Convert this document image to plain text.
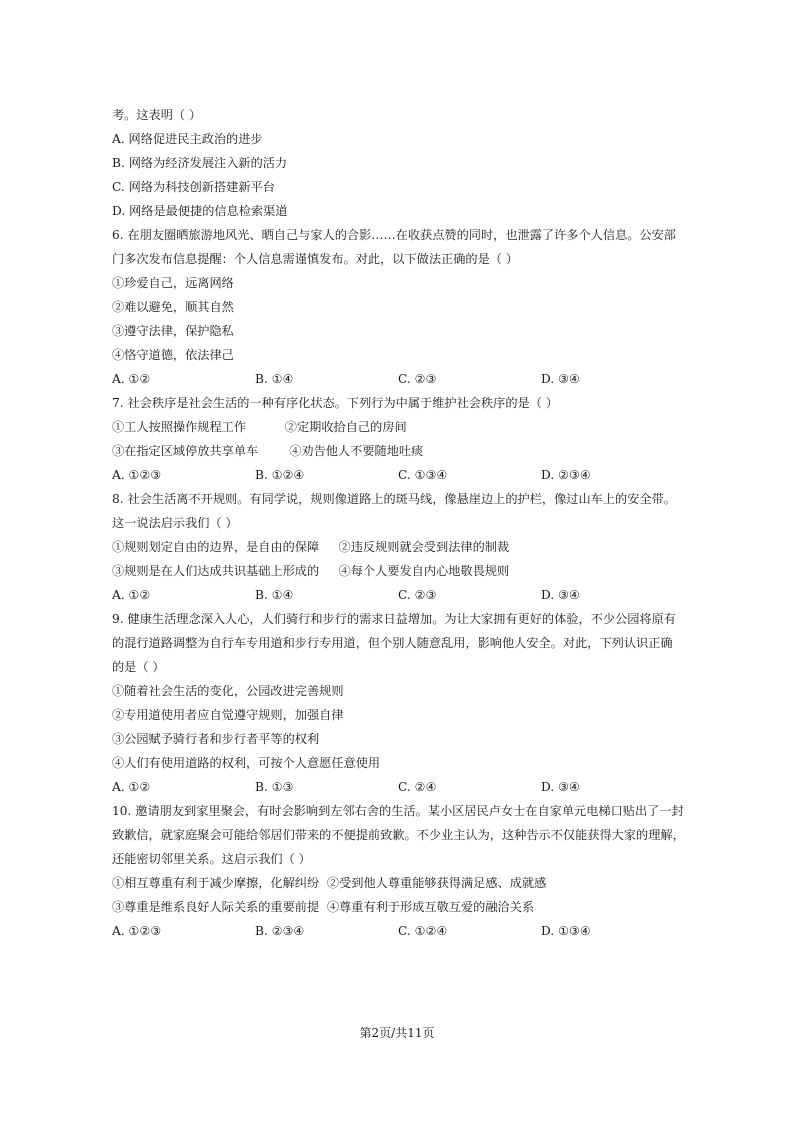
考。这表明（ ）
A. 网络促进民主政治的进步
B. 网络为经济发展注入新的活力
C. 网络为科技创新搭建新平台
D. 网络是最便捷的信息检索渠道
6. 在朋友圈晒旅游地风光、晒自己与家人的合影……在收获点赞的同时，也泄露了许多个人信息。公安部
门多次发布信息提醒：个人信息需谨慎发布。对此，以下做法正确的是（ ）
①珍爱自己，远离网络
②难以避免，顺其自然
③遵守法律，保护隐私
④恪守道德，依法律己
A. ①②	B. ①④	C. ②③	D. ③④
7. 社会秩序是社会生活的一种有序化状态。下列行为中属于维护社会秩序的是（ ）
①工人按照操作规程工作          ②定期收拾自己的房间
③在指定区域停放共享单车        ④劝告他人不要随地吐痰
A. ①②③	B. ①②④	C. ①③④	D. ②③④
8. 社会生活离不开规则。有同学说，规则像道路上的斑马线，像悬崖边上的护栏，像过山车上的安全带。
这一说法启示我们（ ）
①规则划定自由的边界，是自由的保障     ②违反规则就会受到法律的制裁
③规则是在人们达成共识基础上形成的     ④每个人要发自内心地敬畏规则
A. ①②	B. ①④	C. ②③	D. ③④
9. 健康生活理念深入人心，人们骑行和步行的需求日益增加。为让大家拥有更好的体验，不少公园将原有
的混行道路调整为自行车专用道和步行专用道，但个别人随意乱用，影响他人安全。对此，下列认识正确
的是（ ）
①随着社会生活的变化，公园改进完善规则
②专用道使用者应自觉遵守规则，加强自律
③公园赋予骑行者和步行者平等的权利
④人们有使用道路的权利，可按个人意愿任意使用
A. ①②	B. ①③	C. ②④	D. ③④
10. 邀请朋友到家里聚会，有时会影响到左邻右舍的生活。某小区居民卢女士在自家单元电梯口贴出了一封
致歉信，就家庭聚会可能给邻居们带来的不便提前致歉。不少业主认为，这种告示不仅能获得大家的理解，
还能密切邻里关系。这启示我们（ ）
①相互尊重有利于减少摩擦，化解纠纷  ②受到他人尊重能够获得满足感、成就感
③尊重是维系良好人际关系的重要前提  ④尊重有利于形成互敬互爱的融洽关系
A. ①②③	B. ②③④	C. ①②④	D. ①③④
第2页/共11页
